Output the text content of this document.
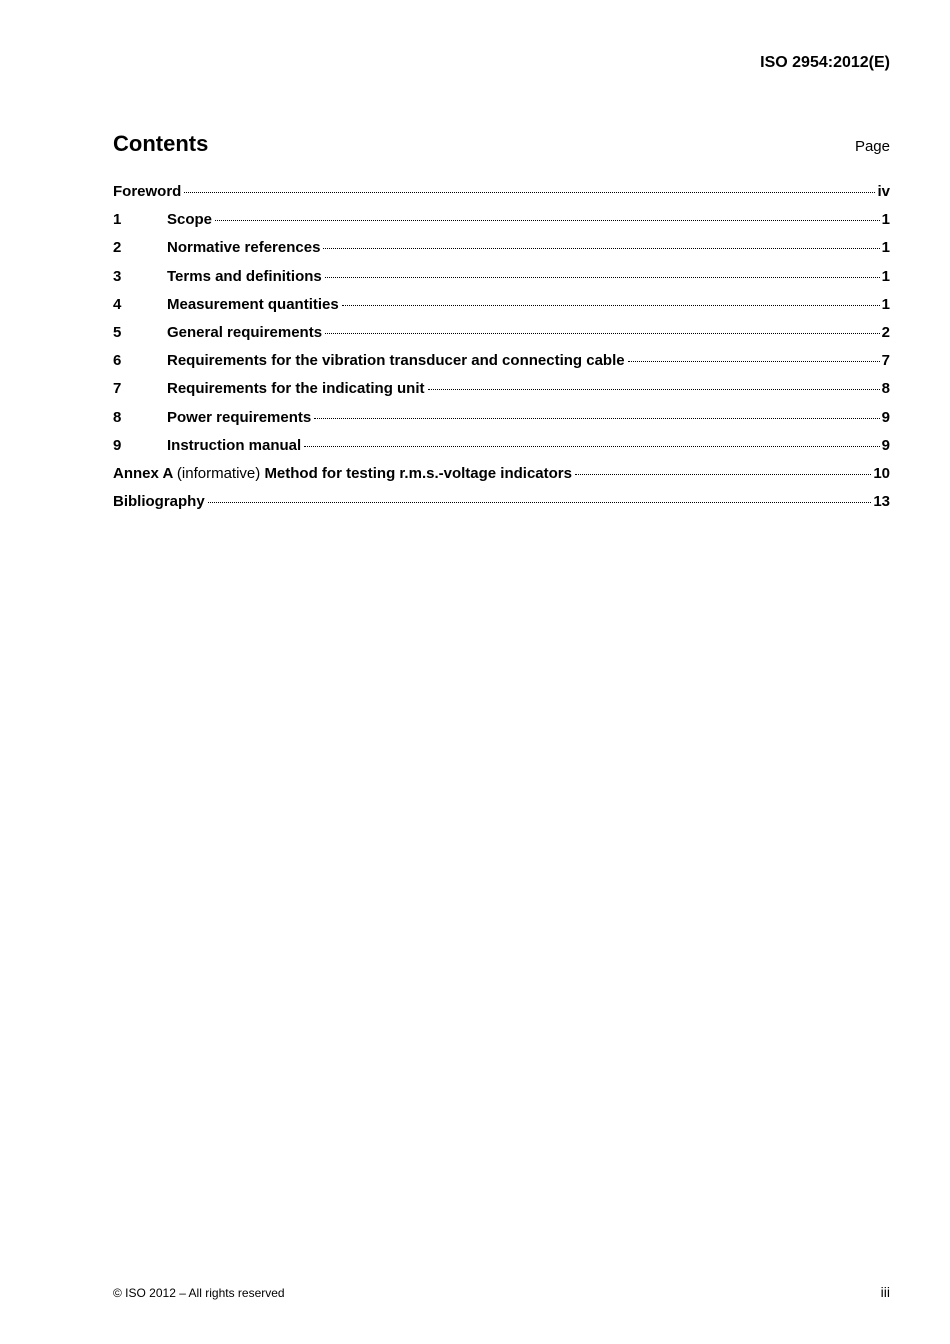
ISO 2954:2012(E)
Contents	Page
Foreword	iv
1	Scope	1
2	Normative references	1
3	Terms and definitions	1
4	Measurement quantities	1
5	General requirements	2
6	Requirements for the vibration transducer and connecting cable	7
7	Requirements for the indicating unit	8
8	Power requirements	9
9	Instruction manual	9
Annex A (informative) Method for testing r.m.s.-voltage indicators	10
Bibliography	13
© ISO 2012 – All rights reserved	iii
